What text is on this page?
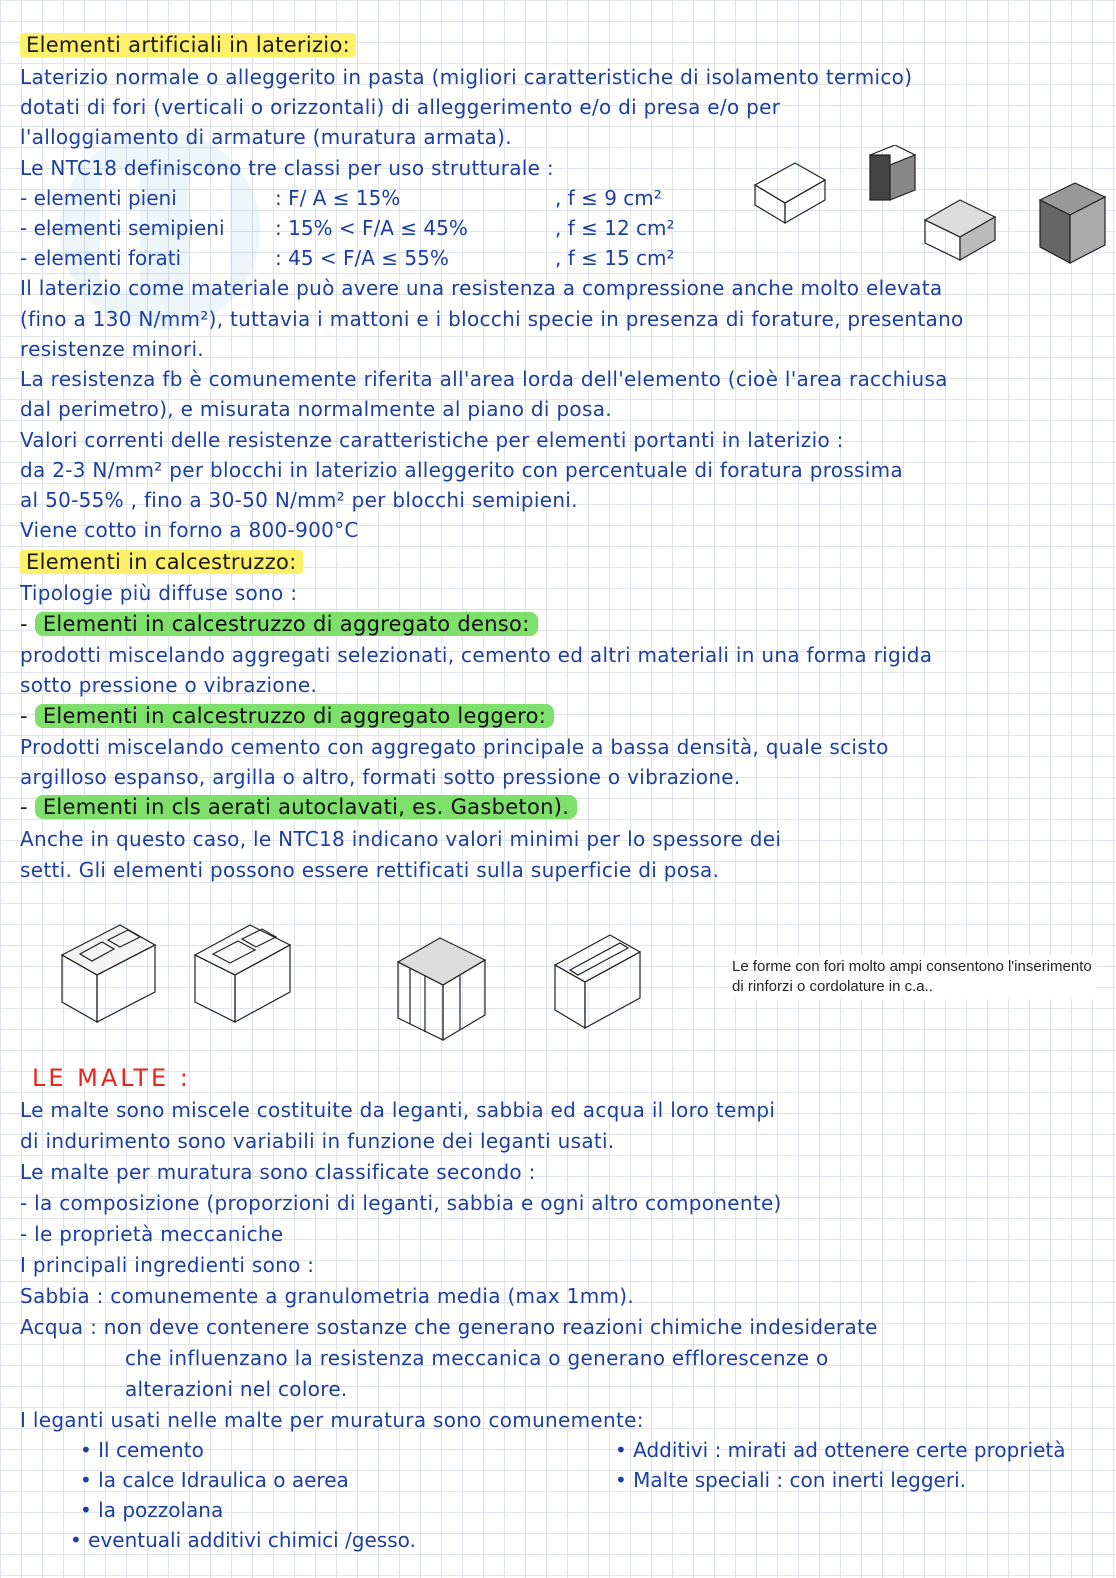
Elementi artificiali in laterizio:
Laterizio normale o alleggerito in pasta (migliori caratteristiche di isolamento termico)
dotati di fori (verticali o orizzontali) di alleggerimento e/o di presa e/o per
l'alloggiamento di armature (muratura armata).
Le NTC18 definiscono tre classi per uso strutturale :
- elementi pieni	: F/ A ≤ 15%	, f ≤ 9 cm²
- elementi semipieni	: 15% < F/A ≤ 45%	, f ≤ 12 cm²
- elementi forati	: 45 < F/A ≤ 55%	, f ≤ 15 cm²
Il laterizio come materiale può avere una resistenza a compressione anche molto elevata
(fino a 130 N/mm²), tuttavia i mattoni e i blocchi specie in presenza di forature, presentano
resistenze minori.
La resistenza fb è comunemente riferita all'area lorda dell'elemento (cioè l'area racchiusa
dal perimetro), e misurata normalmente al piano di posa.
Valori correnti delle resistenze caratteristiche per elementi portanti in laterizio :
da 2-3 N/mm² per blocchi in laterizio alleggerito con percentuale di foratura prossima
al 50-55% , fino a 30-50 N/mm² per blocchi semipieni.
Viene cotto in forno a 800-900°C
Elementi in calcestruzzo:
Tipologie più diffuse sono :
- Elementi in calcestruzzo di aggregato denso:
prodotti miscelando aggregati selezionati, cemento ed altri materiali in una forma rigida
sotto pressione o vibrazione.
- Elementi in calcestruzzo di aggregato leggero:
Prodotti miscelando cemento con aggregato principale a bassa densità, quale scisto
argilloso espanso, argilla o altro, formati sotto pressione o vibrazione.
- Elementi in cls aerati autoclavati, es. Gasbeton).
Anche in questo caso, le NTC18 indicano valori minimi per lo spessore dei
setti. Gli elementi possono essere rettificati sulla superficie di posa.
Le forme con fori molto ampi consentono l'inserimento di rinforzi o cordolature in c.a..
LE MALTE :
Le malte sono miscele costituite da leganti, sabbia ed acqua il loro tempi
di indurimento sono variabili in funzione dei leganti usati.
Le malte per muratura sono classificate secondo :
- la composizione (proporzioni di leganti, sabbia e ogni altro componente)
- le proprietà meccaniche
I principali ingredienti sono :
Sabbia : comunemente a granulometria media (max 1mm).
Acqua : non deve contenere sostanze che generano reazioni chimiche indesiderate
che influenzano la resistenza meccanica o generano efflorescenze o
alterazioni nel colore.
I leganti usati nelle malte per muratura sono comunemente:
• Il cemento
• la calce Idraulica o aerea
• la pozzolana
• eventuali additivi chimici /gesso.
• Additivi : mirati ad ottenere certe proprietà
• Malte speciali : con inerti leggeri.
